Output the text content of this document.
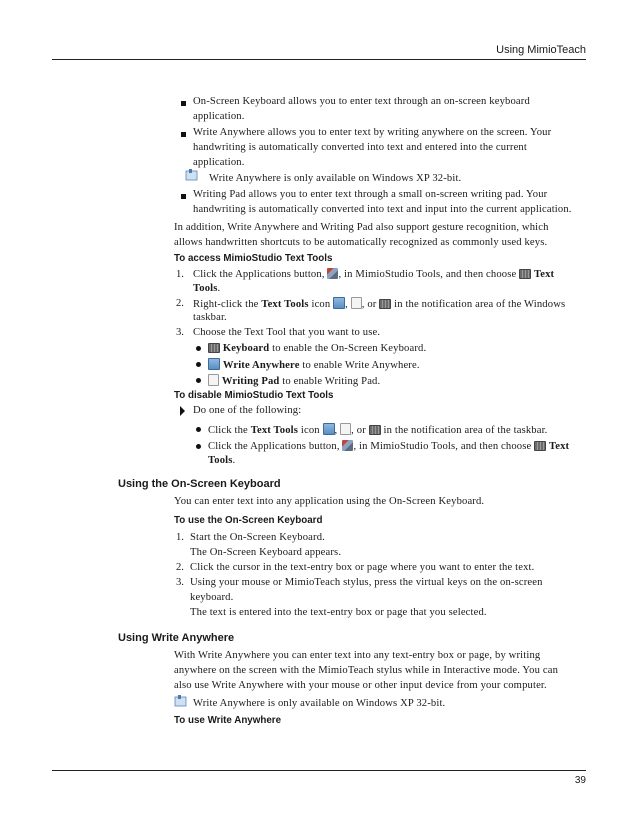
Using MimioTeach
On-Screen Keyboard allows you to enter text through an on-screen keyboard
application.
Write Anywhere allows you to enter text by writing anywhere on the screen. Your
handwriting is automatically converted into text and entered into the current
application.
Write Anywhere is only available on Windows XP 32-bit.
Writing Pad allows you to enter text through a small on-screen writing pad. Your
handwriting is automatically converted into text and input into the current application.
In addition, Write Anywhere and Writing Pad also support gesture recognition, which
allows handwritten shortcuts to be automatically recognized as commonly used keys.
To access MimioStudio Text Tools
1. Click the Applications button, , in MimioStudio Tools, and then choose Text
Tools.
2. Right-click the Text Tools icon , , or in the notification area of the Windows
taskbar.
3. Choose the Text Tool that you want to use.
Keyboard to enable the On-Screen Keyboard.
Write Anywhere to enable Write Anywhere.
Writing Pad to enable Writing Pad.
To disable MimioStudio Text Tools
Do one of the following:
Click the Text Tools icon , , or in the notification area of the taskbar.
Click the Applications button, , in MimioStudio Tools, and then choose Text
Tools.
Using the On-Screen Keyboard
You can enter text into any application using the On-Screen Keyboard.
To use the On-Screen Keyboard
1. Start the On-Screen Keyboard.
The On-Screen Keyboard appears.
2. Click the cursor in the text-entry box or page where you want to enter the text.
3. Using your mouse or MimioTeach stylus, press the virtual keys on the on-screen
keyboard.
The text is entered into the text-entry box or page that you selected.
Using Write Anywhere
With Write Anywhere you can enter text into any text-entry box or page, by writing
anywhere on the screen with the MimioTeach stylus while in Interactive mode. You can
also use Write Anywhere with your mouse or other input device from your computer.
Write Anywhere is only available on Windows XP 32-bit.
To use Write Anywhere
39
